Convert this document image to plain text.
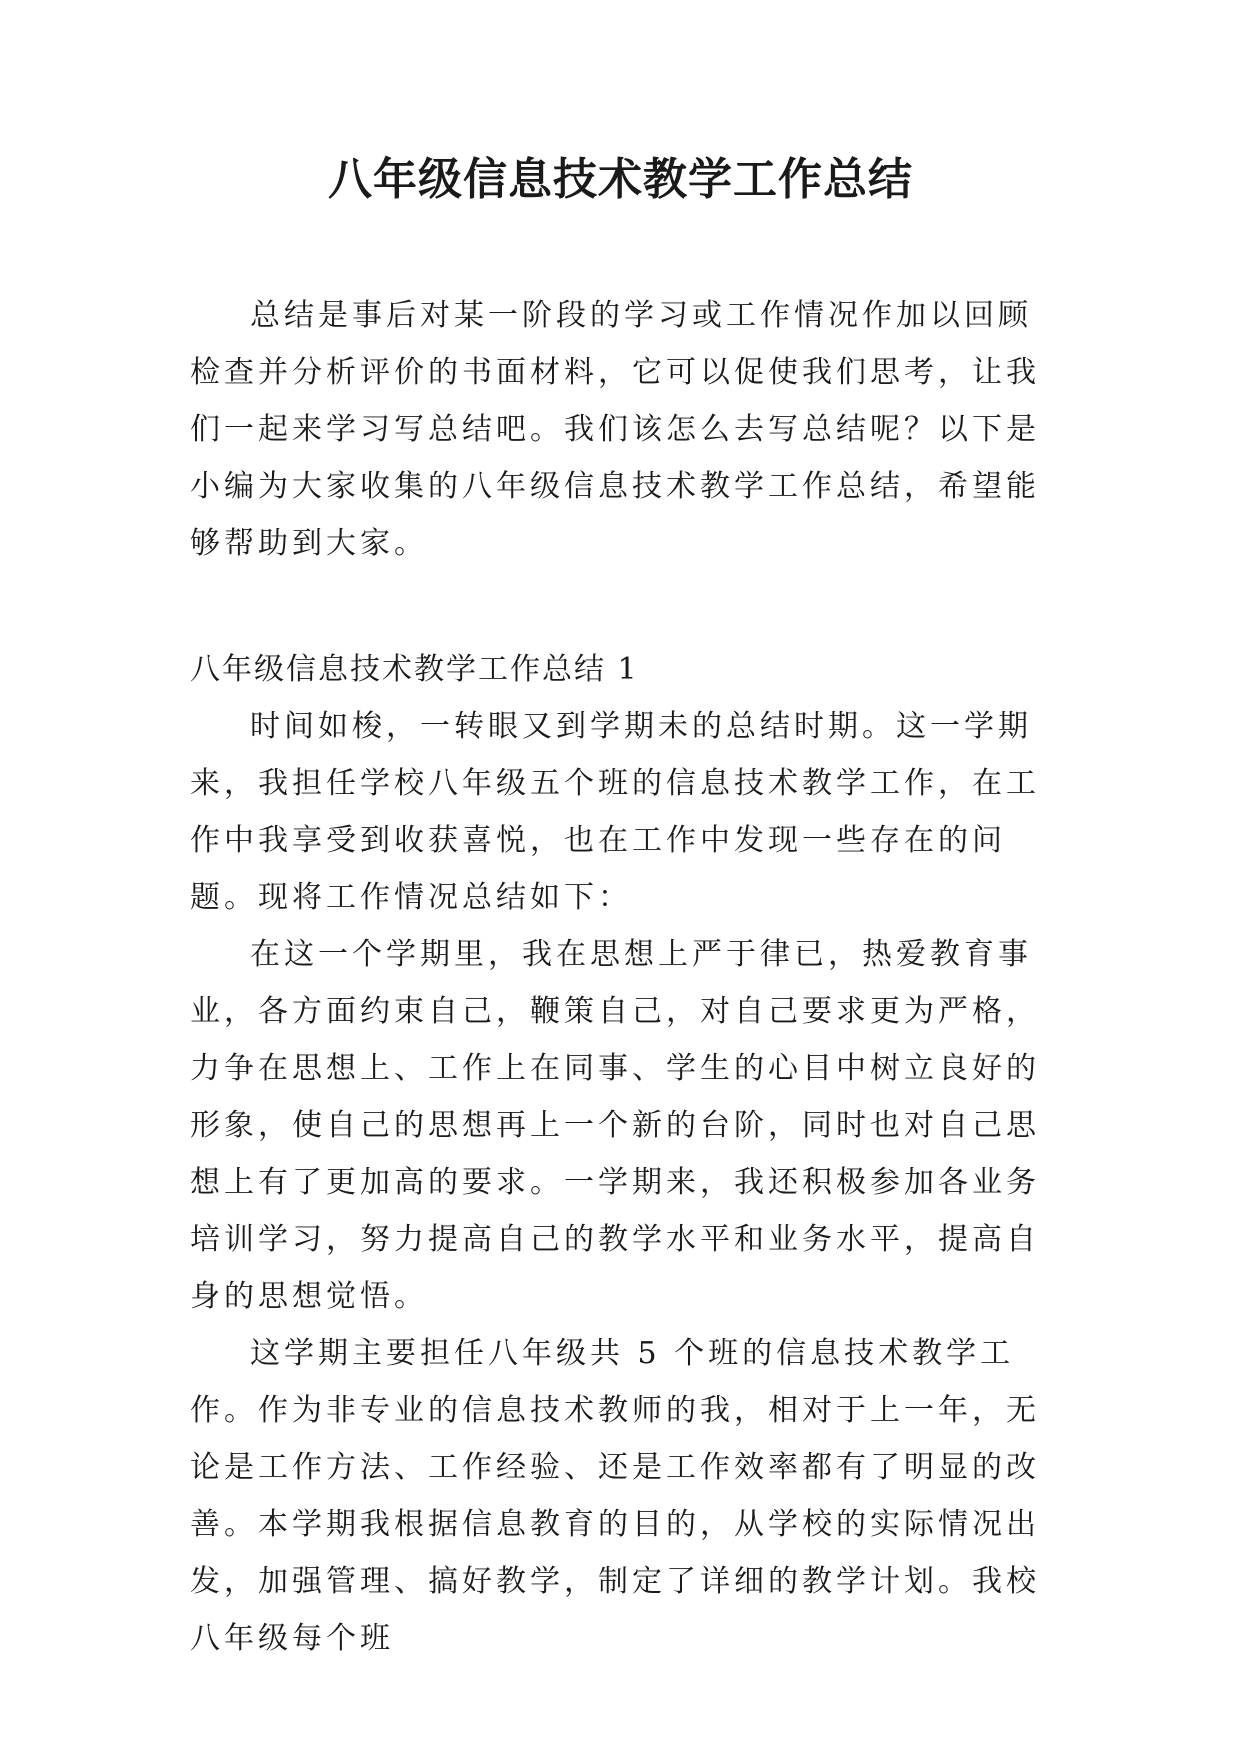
八年级信息技术教学工作总结

总结是事后对某一阶段的学习或工作情况作加以回顾检查并分析评价的书面材料，它可以促使我们思考，让我们一起来学习写总结吧。我们该怎么去写总结呢？以下是小编为大家收集的八年级信息技术教学工作总结，希望能够帮助到大家。

八年级信息技术教学工作总结 1

时间如梭，一转眼又到学期未的总结时期。这一学期来，我担任学校八年级五个班的信息技术教学工作，在工作中我享受到收获喜悦，也在工作中发现一些存在的问题。现将工作情况总结如下：

在这一个学期里，我在思想上严于律已，热爱教育事业，各方面约束自己，鞭策自己，对自己要求更为严格，力争在思想上、工作上在同事、学生的心目中树立良好的形象，使自己的思想再上一个新的台阶，同时也对自己思想上有了更加高的要求。一学期来，我还积极参加各业务培训学习，努力提高自己的教学水平和业务水平，提高自身的思想觉悟。

这学期主要担任八年级共 5 个班的信息技术教学工作。作为非专业的信息技术教师的我，相对于上一年，无论是工作方法、工作经验、还是工作效率都有了明显的改善。本学期我根据信息教育的目的，从学校的实际情况出发，加强管理、搞好教学，制定了详细的教学计划。我校八年级每个班
